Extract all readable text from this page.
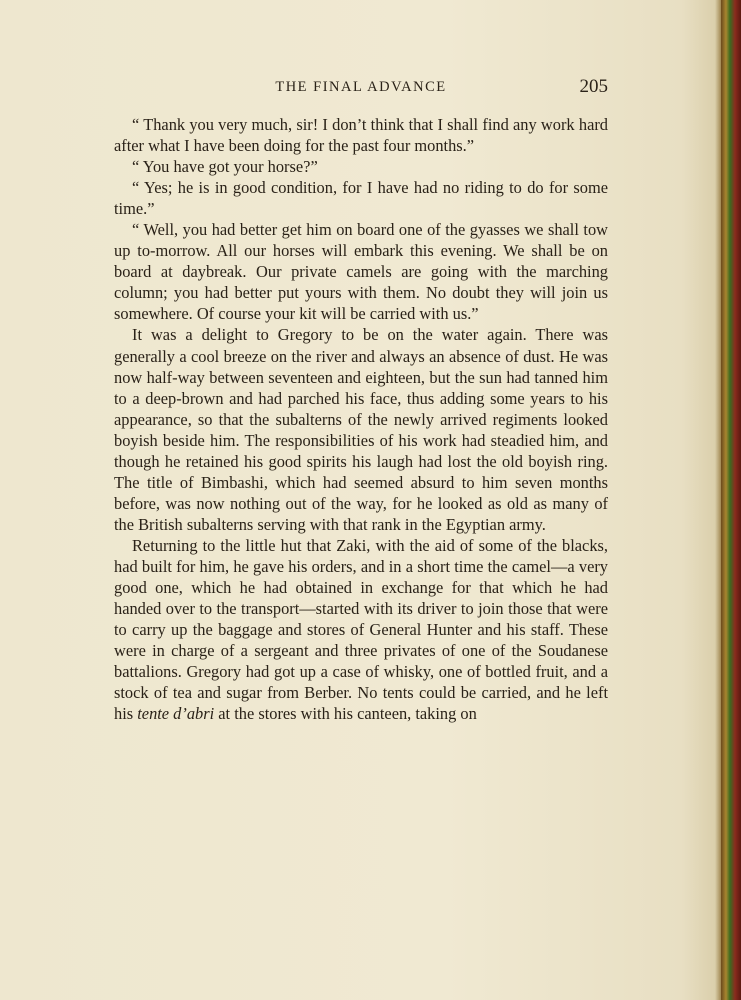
THE FINAL ADVANCE	205

“ Thank you very much, sir! I don’t think that I shall find any work hard after what I have been doing for the past four months.”

“ You have got your horse?”

“ Yes; he is in good condition, for I have had no riding to do for some time.”

“ Well, you had better get him on board one of the gyasses we shall tow up to-morrow. All our horses will embark this evening. We shall be on board at daybreak. Our private camels are going with the marching column; you had better put yours with them. No doubt they will join us somewhere. Of course your kit will be carried with us.”

It was a delight to Gregory to be on the water again. There was generally a cool breeze on the river and always an absence of dust. He was now half-way between seventeen and eighteen, but the sun had tanned him to a deep-brown and had parched his face, thus adding some years to his appearance, so that the subalterns of the newly arrived regiments looked boyish beside him. The responsibilities of his work had steadied him, and though he retained his good spirits his laugh had lost the old boyish ring. The title of Bimbashi, which had seemed absurd to him seven months before, was now nothing out of the way, for he looked as old as many of the British subalterns serving with that rank in the Egyptian army.

Returning to the little hut that Zaki, with the aid of some of the blacks, had built for him, he gave his orders, and in a short time the camel—a very good one, which he had obtained in exchange for that which he had handed over to the transport—started with its driver to join those that were to carry up the baggage and stores of General Hunter and his staff. These were in charge of a sergeant and three privates of one of the Soudanese battalions. Gregory had got up a case of whisky, one of bottled fruit, and a stock of tea and sugar from Berber. No tents could be carried, and he left his tente d’abri at the stores with his canteen, taking on
